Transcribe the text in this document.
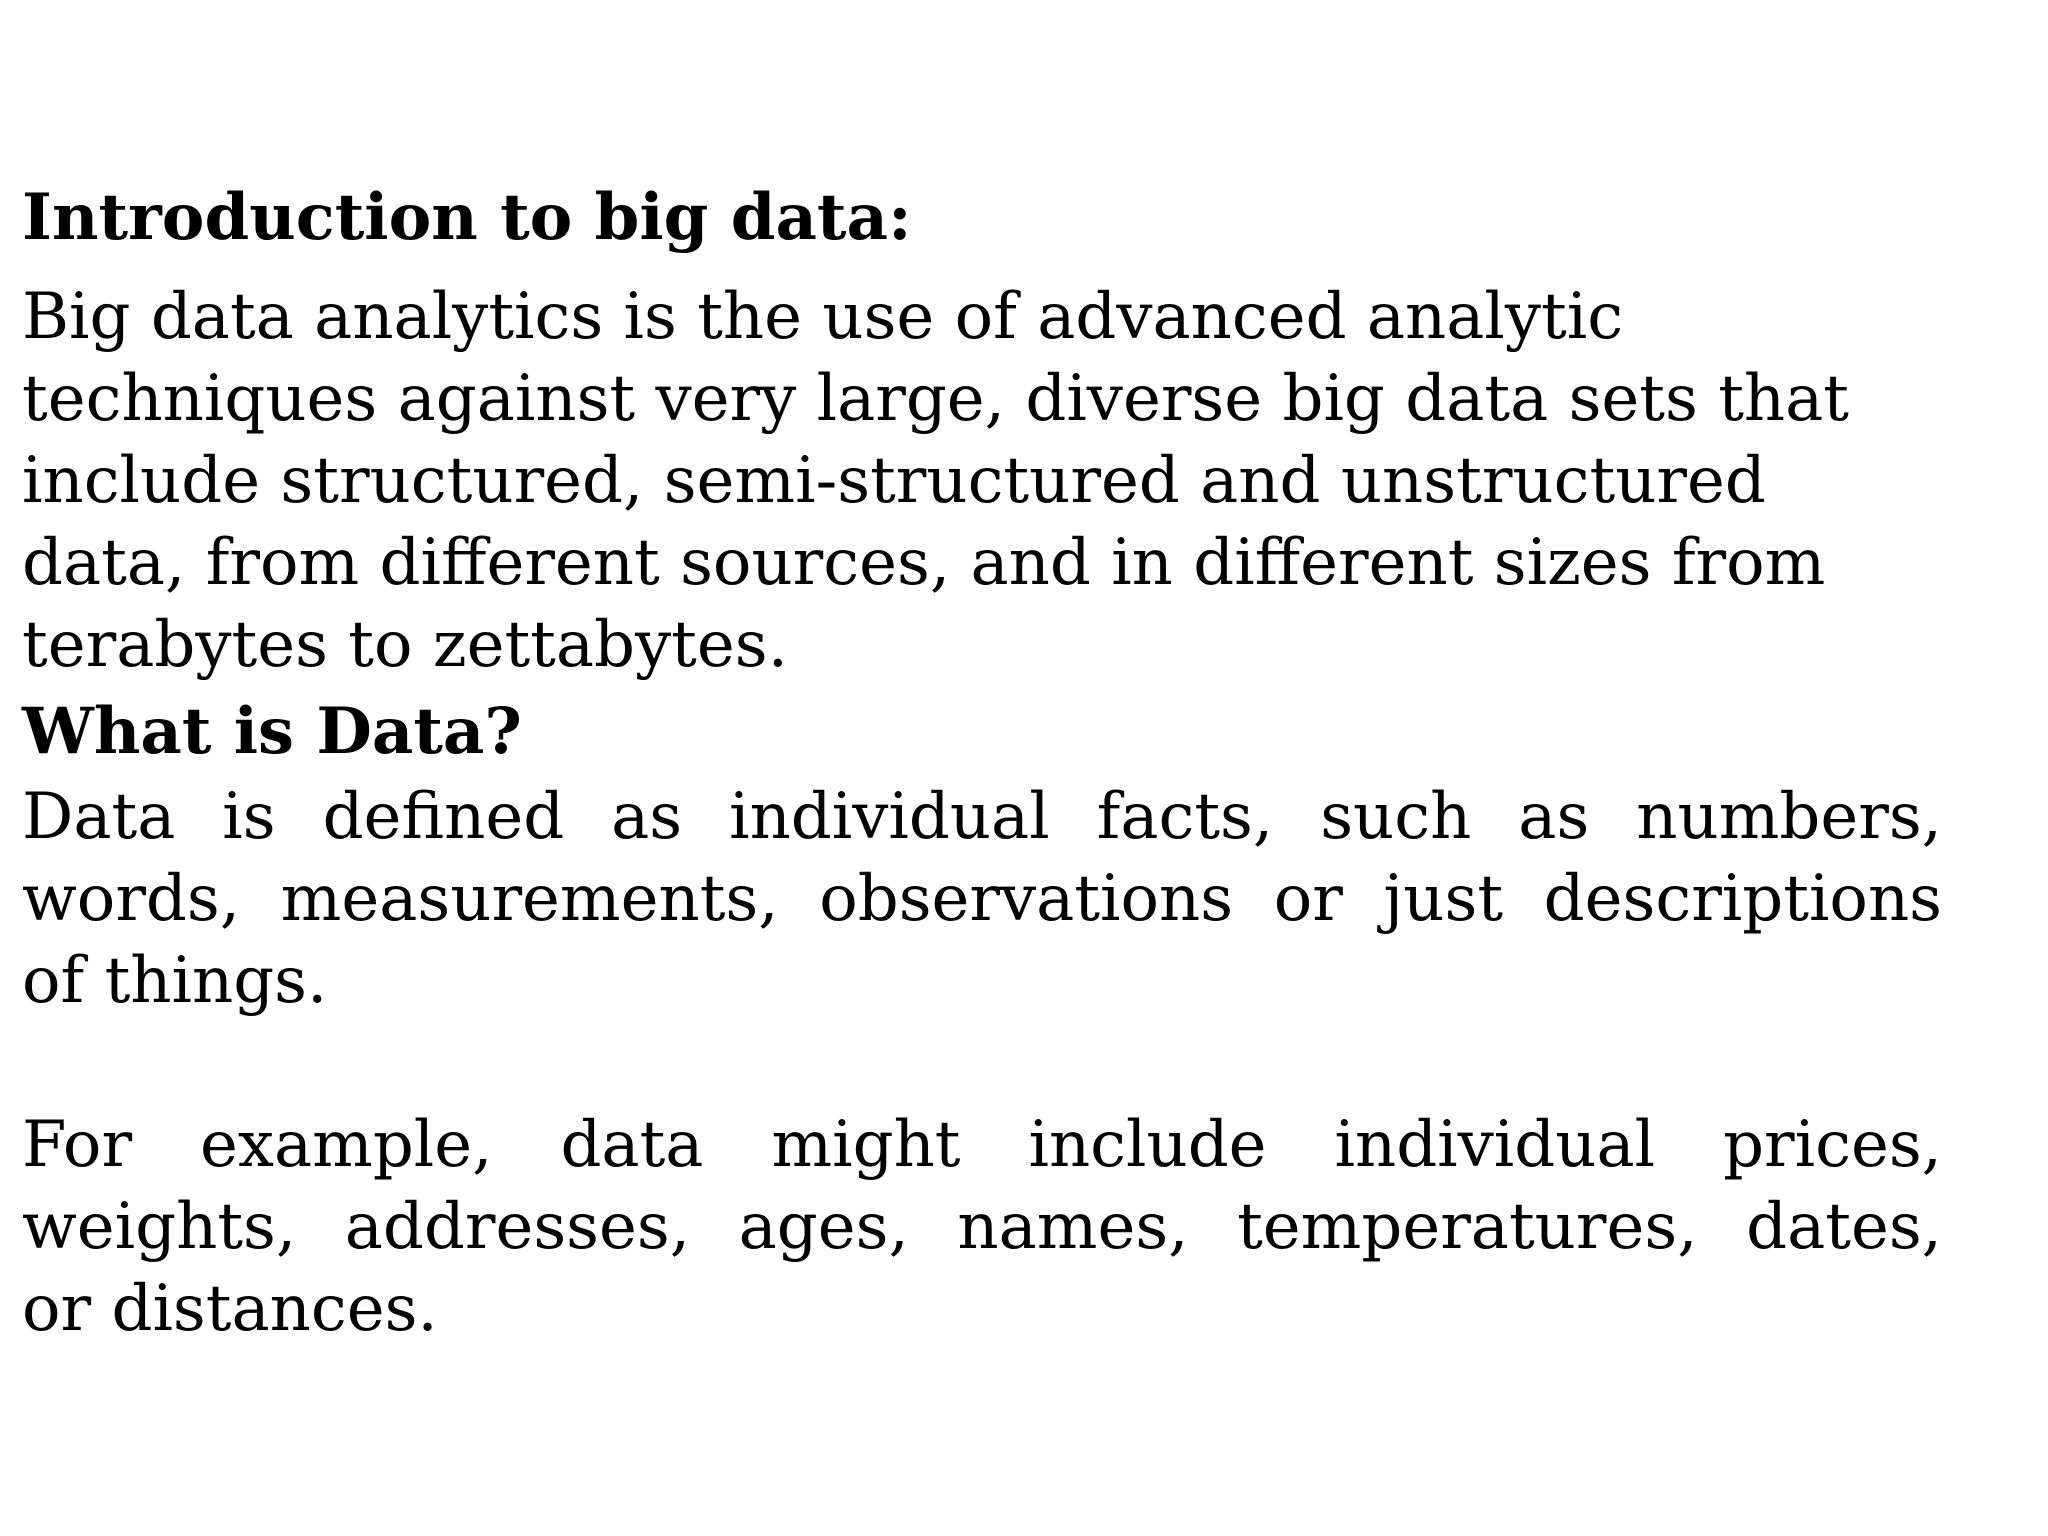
Introduction to big data:

Big data analytics is the use of advanced analytic
techniques against very large, diverse big data sets that
include structured, semi-structured and unstructured
data, from different sources, and in different sizes from
terabytes to zettabytes.

What is Data?

Data is defined as individual facts, such as numbers,
words, measurements, observations or just descriptions
of things.

For example, data might include individual prices,
weights, addresses, ages, names, temperatures, dates,
or distances.
